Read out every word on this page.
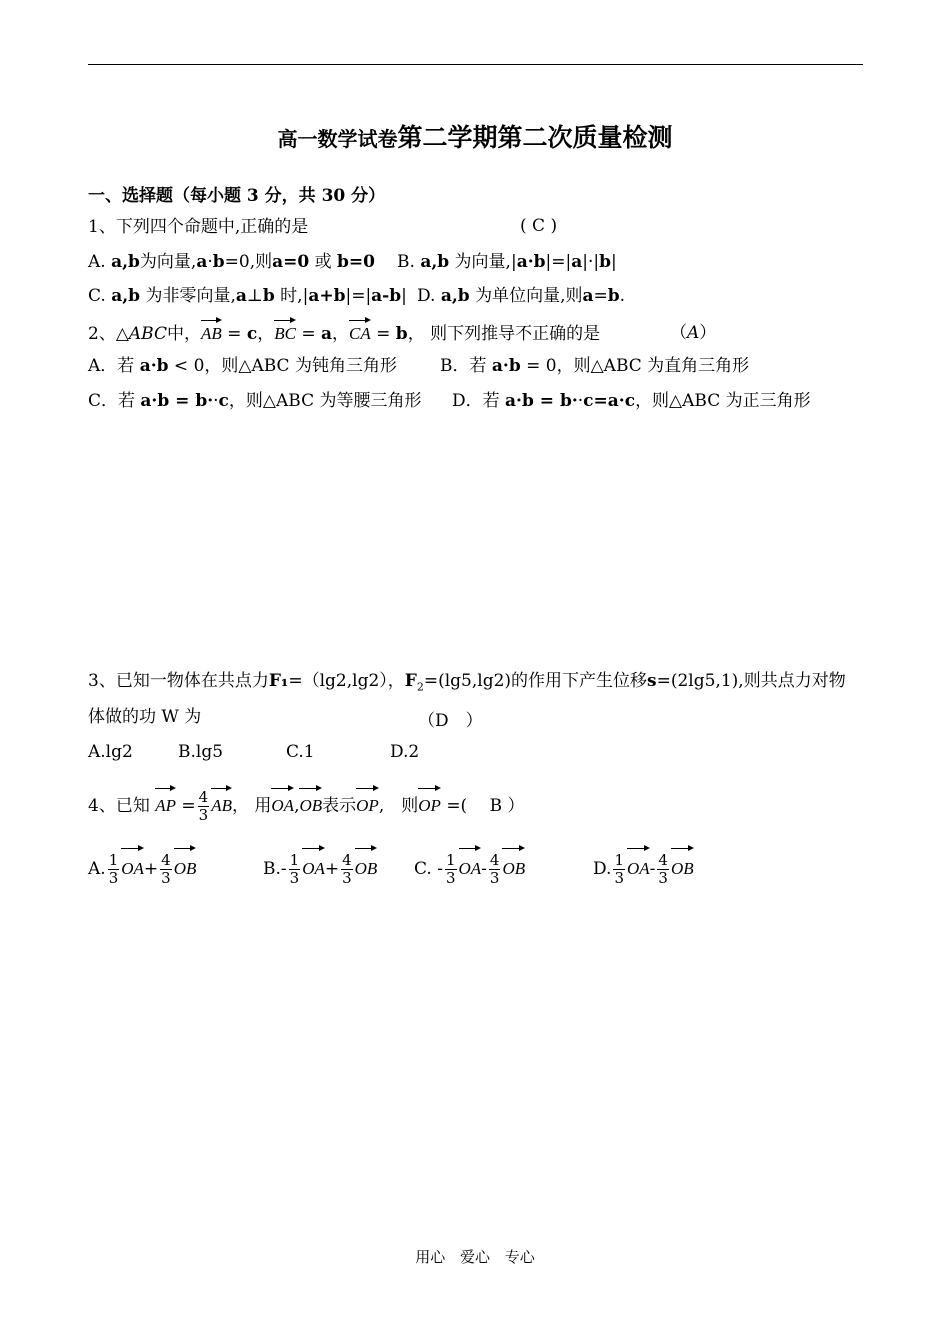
高一数学试卷第二学期第二次质量检测
一、选择题（每小题 3 分，共 30 分）
1、下列四个命题中,正确的是	( C )
A. a,b为向量,a·b=0,则a=0 或 b=0 B. a,b 为向量,|a·b|=|a|·|b|
C. a,b 为非零向量,a⊥b 时,|a+b|=|a-b| D. a,b 为单位向量,则a=b.
2、△ABC中，AB = c，BC = a，CA = b， 则下列推导不正确的是	（A）
A．若 a·b < 0，则△ABC 为钝角三角形	B．若 a·b = 0，则△ABC 为直角三角形
C．若 a·b = b··c，则△ABC 为等腰三角形 D．若 a·b = b··c=a·c，则△ABC 为正三角形
3、已知一物体在共点力F₁=（lg2,lg2），$F_2=(\lg 5,\lg 2)$的作用下产生位移s=(2lg5,1),则共点力对物
体做的功 W 为	（D　）
A.lg2	B.lg5	C.1	D.2
4、已知 AP = $\frac{4}{3}$ AB， 用OA,OB表示OP,　则OP =(　 B ）
A. $\frac{1}{3} OA+ \frac{4}{3}$ OB	$B.- \frac{1}{3} OA+ \frac{4}{3}$ OB C. - $\frac{1}{3} OA- \frac{4}{3}$ OB	D. $\frac{1}{3} OA- \frac{4}{3}$ OB
用心 爱心 专心
